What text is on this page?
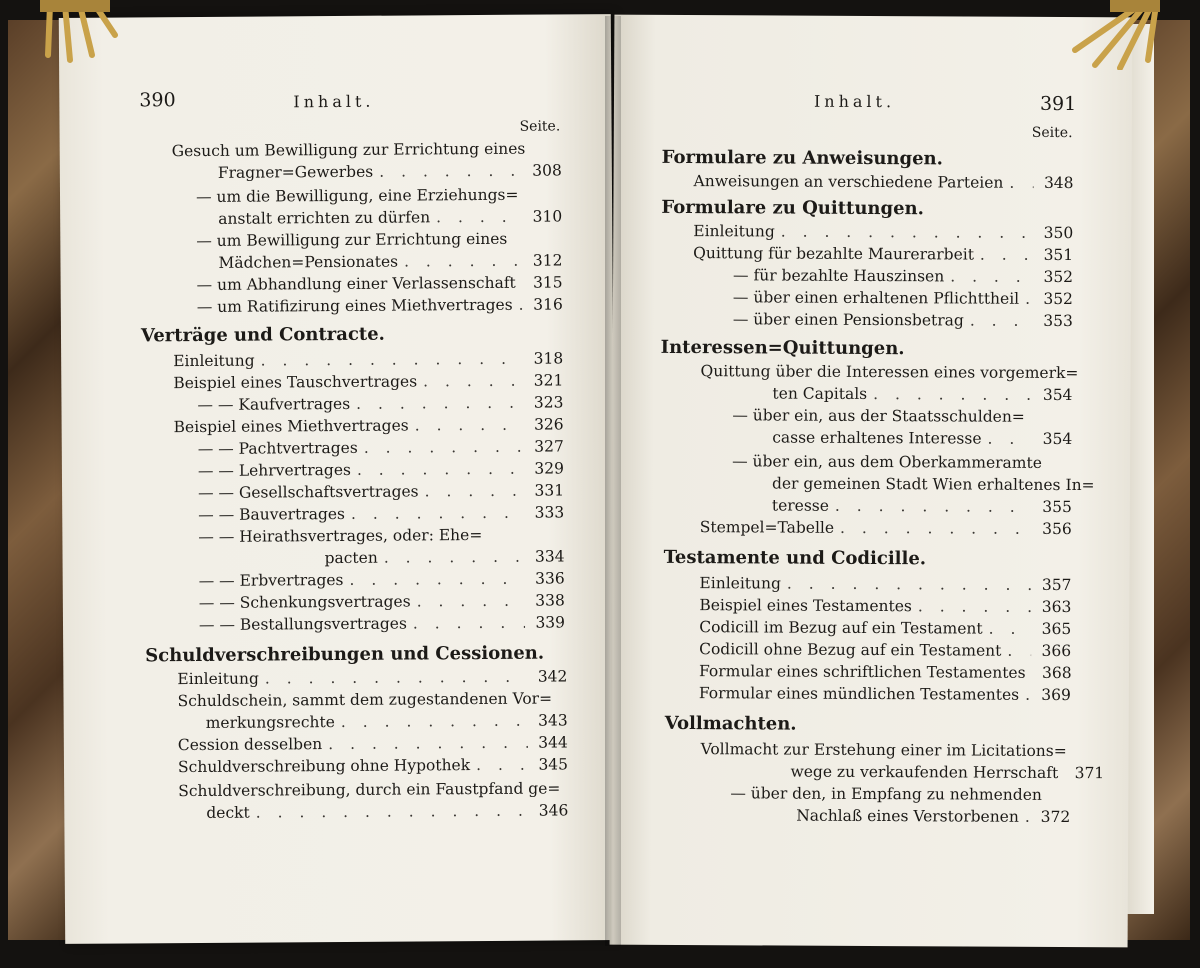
390	Inhalt.
Seite.
Gesuch um Bewilligung zur Errichtung eines
Fragner=Gewerbes . . .	308
— um die Bewilligung, eine Erziehungs=
anstalt errichten zu dürfen . . .	310
— um Bewilligung zur Errichtung eines
Mädchen=Pensionates . . .	312
— um Abhandlung einer Verlassenschaft . . . 315
— um Ratifizirung eines Miethvertrages . . . 316
Verträge und Contracte.
Einleitung . . .	318
Beispiel eines Tauschvertrages . . .	321
— — Kaufvertrages . . .	323
Beispiel eines Miethvertrages . . .	326
— — Pachtvertrages . . .	327
— — Lehrvertrages . . .	329
— — Gesellschaftsvertrages . . .	331
— — Bauvertrages . . .	333
— — Heirathsvertrages, oder: Ehe=
pacten . . .	334
— — Erbvertrages . . .	336
— — Schenkungsvertrages . . .	338
— — Bestallungsvertrages . . .	339
Schuldverschreibungen und Cessionen.
Einleitung . . .	342
Schuldschein, sammt dem zugestandenen Vor=
merkungsrechte . . .	343
Cession desselben . . .	344
Schuldverschreibung ohne Hypothek . . .	345
Schuldverschreibung, durch ein Faustpfand ge=
deckt . . .	346
Inhalt.	391
Seite.
Formulare zu Anweisungen.
Anweisungen an verschiedene Parteien . . .	348
Formulare zu Quittungen.
Einleitung . . .	350
Quittung für bezahlte Maurerarbeit . . .	351
— für bezahlte Hauszinsen . . .	352
— über einen erhaltenen Pflichttheil . . . 352
— über einen Pensionsbetrag . . .	353
Interessen=Quittungen.
Quittung über die Interessen eines vorgemerk=
ten Capitals . . .	354
— über ein, aus der Staatsschulden=
casse erhaltenes Interesse . . .	354
— über ein, aus dem Oberkammeramte
der gemeinen Stadt Wien erhaltenes In=
teresse . . .	355
Stempel=Tabelle . . .	356
Testamente und Codicille.
Einleitung . . .	357
Beispiel eines Testamentes . . .	363
Codicill im Bezug auf ein Testament . . .	365
Codicill ohne Bezug auf ein Testament . . .	366
Formular eines schriftlichen Testamentes . . . 368
Formular eines mündlichen Testamentes . . . 369
Vollmachten.
Vollmacht zur Erstehung einer im Licitations=
wege zu verkaufenden Herrschaft . . . 371
— über den, in Empfang zu nehmenden
Nachlaß eines Verstorbenen . . . 372
